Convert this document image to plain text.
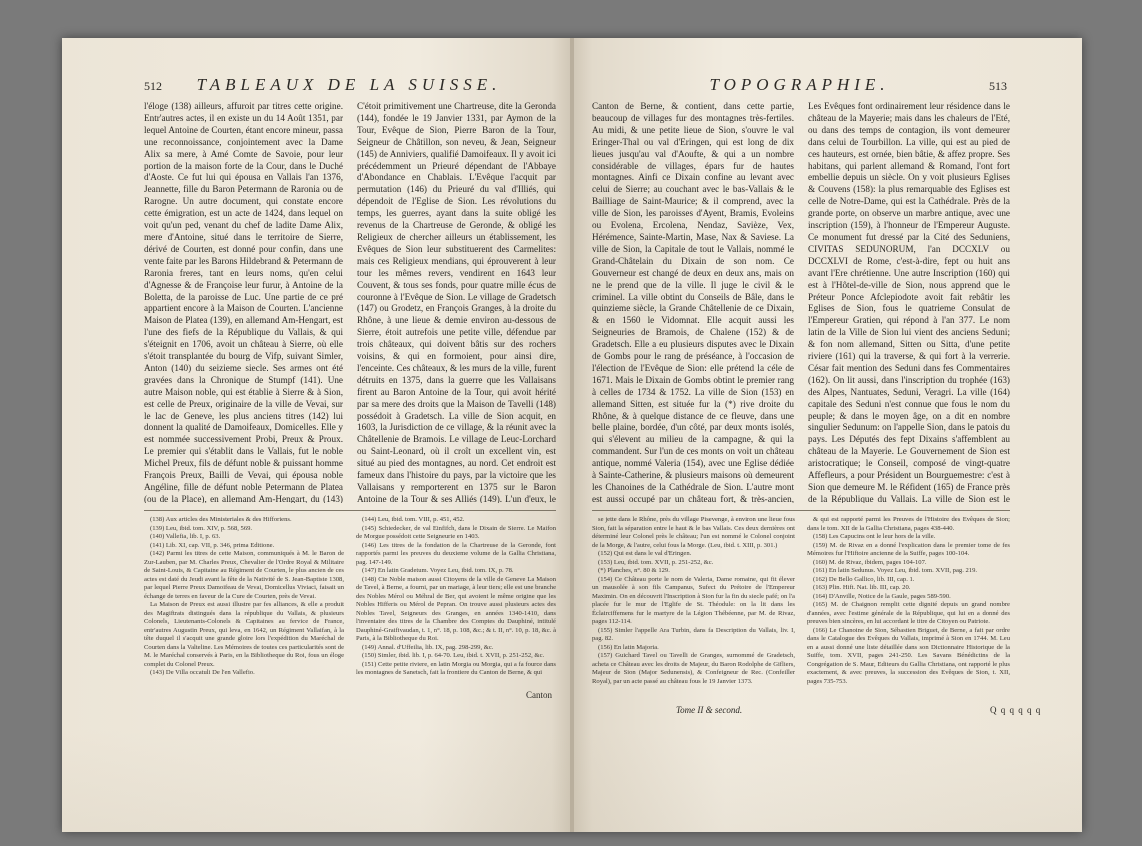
512	TABLEAUX DE LA SUISSE.
l'éloge (138) ailleurs, affuroit par titres cette origine. Entr'autres actes, il en existe un du 14 Août 1351, par lequel Antoine de Courten, étant encore mineur, passa une reconnoissance, conjointement avec la Dame Alix sa mere, à Amé Comte de Savoie, pour leur portion de la maison forte de la Cour, dans le Duché d'Aoste. Ce fut lui qui épousa en Vallais l'an 1376, Jeannette, fille du Baron Petermann de Raronia ou de Rarogne. Un autre document, qui constate encore cette émigration, est un acte de 1424, dans lequel on voit qu'un ped, venant du chef de ladite Dame Alix, mere d'Antoine, situé dans le territoire de Sierre, dérivé de Courten, est donné pour confin, dans une vente faite par les Barons Hildebrand & Petermann de Raronia freres, tant en leurs noms, qu'en celui d'Agnesse & de Françoise leur furur, à Antoine de la Boletta, de la paroisse de Luc. Une partie de ce pré appartient encore à la Maison de Courten. L'ancienne Maison de Platea (139), en allemand Am-Hengart, est l'une des fiefs de la République du Vallais, & qui s'éteignit en 1706, avoit un château à Sierre, où elle s'étoit transplantée du bourg de Vifp, suivant Simler, Anton (140) du seizieme siecle. Ses armes ont été gravées dans la Chronique de Stumpf (141). Une autre Maison noble, qui est établie à Sierre & à Sion, est celle de Preux, originaire de la ville de Vevai, sur le lac de Geneve, les plus anciens titres (142) lui donnent la qualité de Damoifeaux, Domicelles. Elle y est nommée successivement Probi, Preux & Proux. Le premier qui s'établit dans le Vallais, fut le noble Michel Preux, fils de défunt noble & puissant homme François Preux, Bailli de Vevai, qui épousa noble Angéline, fille de défunt noble Petermann de Platea (ou de la Place), en allemand Am-Hengart, du (143)
C'étoit primitivement une Chartreuse, dite la Geronda (144), fondée le 19 Janvier 1331, par Aymon de la Tour, Evêque de Sion, Pierre Baron de la Tour, Seigneur de Châtillon, son neveu, & Jean, Seigneur (145) de Anniviers, qualifié Damoifeaux. Il y avoit ici précédemment un Prieuré dépendant de l'Abbaye d'Abondance en Chablais. L'Evêque l'acquit par permutation (146) du Prieuré du val d'Illiés, qui dépendoit de l'Eglise de Sion. Les révolutions du temps, les guerres, ayant dans la suite obligé les revenus de la Chartreuse de Geronde, & obligé les Religieux de chercher ailleurs un établissement, les Evêques de Sion leur substituerent des Carmelites: mais ces Religieux mendians, qui éprouverent à leur tour les mêmes revers, vendirent en 1643 leur Couvent, & tous ses fonds, pour quatre mille écus de couronne à l'Evêque de Sion. Le village de Gradetsch (147) ou Grodetz, en François Granges, à la droite du Rhône, à une lieue & demie environ au-dessous de Sierre, étoit autrefois une petite ville, défendue par trois châteaux, qui doivent bâtis sur des rochers voisins, & qui en formoient, pour ainsi dire, l'enceinte. Ces châteaux, & les murs de la ville, furent détruits en 1375, dans la guerre que les Vallaisans firent au Baron Antoine de la Tour, qui avoit hérité par sa mere des droits que la Maison de Tavelli (148) possédoit à Gradetsch. La ville de Sion acquit, en 1603, la Jurisdiction de ce village, & la réunit avec la Châtellenie de Bramois. Le village de Leuc-Lorchard ou Saint-Leonard, où il croît un excellent vin, est situé au pied des montagnes, au nord. Cet endroit est fameux dans l'histoire du pays, par la victoire que les Vallaisans y remporterent en 1375 sur le Baron Antoine de la Tour & ses Alliés (149). L'un d'eux, le

(138) Aux articles des Ministeriales & des Hifforiens.

(139) Leu, ibid. tom. XIV, p. 568, 569.

(140) Vallefia, lib. I, p. 63.

(141) Lib. XI, cap. VII, p. 346, prima Editione.

(142) Parmi les titres de cette Maison, communiqués à M. le Baron de Zur-Lauben, par M. Charles Preux, Chevalier de l'Ordre Royal & Militaire de Saint-Louis, & Capitaine au Régiment de Courten, le plus ancien de ces actes est daté du Jeudi avant la fête de la Nativité de S. Jean-Baptiste 1308, par lequel Pierre Preux Damoifeau de Vevai, Domicellus Viviaci, faisait un échange de terres en faveur de la Cure de Courten, près de Vevai.

La Maison de Preux est aussi illustre par fes alliances, & elle a produit des Magiftrats distingués dans la république du Vallais, & plusieurs Colonels, Lieutenants-Colonels & Capitaines au fervice de France, entr'autres Augustin Preux, qui leva, en 1642, un Régiment Vallaifan, à la tête duquel il s'acquit une grande gloire lors l'expédition du Maréchal de Courten dans la Valteline. Les Mémoires de toutes ces particularités sont de M. le Maréchal conservés à Paris, en la Bibliotheque du Roi, fous un éloge complet du Colonel Preux.

(143) De Villa occatuli De l'en Vallefio.

(144) Leu, ibid. tom. VIII, p. 451, 452.

(145) Schiedecker, de val Einfifch, dans le Dixain de Sierre. Le Maifon de Morgue possédoit cette Seigneurie en 1403.

(146) Les titres de la fondation de la Chartreuse de la Geronde, font rapportés parmi les preuves du deuxieme volume de la Gallia Christiana, pag. 147-149.

(147) En latin Gradetum. Voyez Leu, ibid. tom. IX, p. 78.

(148) Cte Noble maison aussi Citoyens de la ville de Geneve La Maison de Tavel, à Berne, a fourni, par un mariage, à leur tiers; elle est une branche des Nobles Mérol ou Méhral de Ber, qui avoient le même origine que les Nobles Hifferis ou Mérol de Pepran. On trouve aussi plusieurs actes des Nobles Tavel, Seigneurs des Granges, en années 1340-1410, dans l'inventaire des titres de la Chambre des Comptes du Dauphiné, intitulé Dauphiné-Graifivaudan, t. 1, n°. 18, p. 108, &c.; & t. II, n°. 10, p. 18, &c. à Paris, à la Bibliotheque du Roi.

(149) Annal. d'Uffeilia, lib. IX, pag. 298-299, &c.

(150) Simler, ibid. lib. I, p. 64-70. Leu, ibid. t. XVII, p. 251-252, &c.

(151) Cette petite riviere, en latin Morgia ou Morgia, qui a fa fource dans les montagnes de Sanetsch, fait la frontiere du Canton de Berne, & qui

Canton
TOPOGRAPHIE.	513
Canton de Berne, & contient, dans cette partie, beaucoup de villages fur des montagnes très-fertiles. Au midi, & une petite lieue de Sion, s'ouvre le val Eringer-Thal ou val d'Eringen, qui est long de dix lieues jusqu'au val d'Aoufte, & qui a un nombre considérable de villages, épars fur de hautes montagnes. Ainfi ce Dixain confine au levant avec celui de Sierre; au couchant avec le bas-Vallais & le Bailliage de Saint-Maurice; & il comprend, avec la ville de Sion, les paroisses d'Ayent, Bramis, Evoleins ou Evolena, Ercolena, Nendaz, Savièze, Vex, Hérémence, Sainte-Martin, Mase, Nax & Saviese. La ville de Sion, la Capitale de tout le Vallais, nommé le Grand-Châtelain du Dixain de son nom. Ce Gouverneur est changé de deux en deux ans, mais on ne le prend que de la ville. Il juge le civil & le criminel. La ville obtint du Conseils de Bâle, dans le quinzieme siècle, la Grande Châtellenie de ce Dixain, & en 1560 le Vidomnat. Elle acquit aussi les Seigneuries de Bramois, de Chalene (152) & de Gradetsch. Elle a eu plusieurs disputes avec le Dixain de Gombs pour le rang de préséance, à l'occasion de l'élection de l'Evêque de Sion: elle prétend la céle de 1671. Mais le Dixain de Gombs obtint le premier rang à celles de 1734 & 1752. La ville de Sion (153) en allemand Sitten, est située fur la (*) rive droite du Rhône, & à quelque distance de ce fleuve, dans une belle plaine, bordée, d'un côté, par deux monts isolés, qui s'élevent au milieu de la campagne, & qui la commandent. Sur l'un de ces monts on voit un château antique, nommé Valeria (154), avec une Eglise dédiée à Sainte-Catherine, & plusieurs maisons où demeurent les Chanoines de la Cathédrale de Sion. L'autre mont est aussi occupé par un château fort, & très-ancien,
Les Evêques font ordinairement leur résidence dans le château de la Mayerie; mais dans les chaleurs de l'Eté, ou dans des temps de contagion, ils vont demeurer dans celui de Tourbillon. La ville, qui est au pied de ces hauteurs, est ornée, bien bâtie, & affez propre. Ses habitans, qui parlent allemand & Romand, l'ont fort embellie depuis un siècle. On y voit plusieurs Eglises & Couvens (158): la plus remarquable des Eglises est celle de Notre-Dame, qui est la Cathédrale. Près de la grande porte, on observe un marbre antique, avec une inscription (159), à l'honneur de l'Empereur Auguste. Ce monument fut dressé par la Cité des Seduniens, CIVITAS SEDUNORUM, l'an DCCXLV ou DCCXLVI de Rome, c'est-à-dire, fept ou huit ans avant l'Ere chrétienne. Une autre Inscription (160) qui est à l'Hôtel-de-ville de Sion, nous apprend que le Préteur Ponce Afclepiodote avoit fait rebâtir les Eglises de Sion, fous le quatrieme Consulat de l'Empereur Gratien, qui répond à l'an 377. Le nom latin de la Ville de Sion lui vient des anciens Seduni; & fon nom allemand, Sitten ou Sitta, d'une petite riviere (161) qui la traverse, & qui fort à la verrerie. César fait mention des Seduni dans fes Commentaires (162). On lit aussi, dans l'inscription du trophée (163) des Alpes, Nantuates, Seduni, Veragri. La ville (164) capitale des Seduni n'est connue que fous le nom du peuple; & dans le moyen âge, on a dit en nombre singulier Sedunum: on l'appelle Sion, dans le patois du pays. Les Députés des fept Dixains s'affemblent au château de la Mayerie. Le Gouvernement de Sion est aristocratique; le Conseil, composé de vingt-quatre Affefleurs, a pour Président un Bourguemestre: c'est à Sion que demeure M. le Réfident (165) de France près de la République du Vallais. La ville de Sion est le

se jette dans le Rhône, près du village Pisevenge, à environ une lieue fous Sion, fait la séparation entre le haut & le bas Vallais. Ces deux dernières ont déterminé leur Colonel près le château; l'un est nommé le Colonel conjoint de la Morge, & l'autre, celui fous la Morge. (Leu, ibid. t. XIII, p. 301.)

(152) Qui est dans le val d'Eringen.

(153) Leu, ibid. tom. XVII, p. 251-252, &c.

(*) Planches, n°. 80 & 129.

(154) Ce Château porte le nom de Valeria, Dame romaine, qui fit élever un mausolée à son fils Campanus, Sufect du Prétoire de l'Empereur Maximin. On en découvrit l'Inscription à Sion fur la fin du siecle pafé; on l'a placée fur le mur de l'Eglife de St. Théodule: on la lit dans les Éclairciffemens fur le martyre de la Légion Thébéenne, par M. de Rivaz, pages 112-114.

(155) Simler l'appelle Ara Turbin, dans fa Description du Vallais, liv. I, pag. 82.

(156) En latin Majoria.

(157) Guichard Tavel ou Tavelli de Granges, surnommé de Gradetsch, acheta ce Château avec les droits de Majeur, du Baron Rodolphe de Gifliers, Majeur de Sion (Major Sedunensis), & Confeigneur de Rec. (Confeiller Royal), par un acte passé au château fous le 19 Janvier 1373.

& qui est rapporté parmi les Preuves de l'Histoire des Evêques de Sion; dans le tom. XII de la Gallia Christiana, pages 438-440.

(158) Les Capucins ont le leur hors de la ville.

(159) M. de Rivaz en a donné l'explication dans le premier tome de fes Mémoires fur l'Hiftoire ancienne de la Suiffe, pages 100-104.

(160) M. de Rivaz, ibidem, pages 104-107.

(161) En latin Sedunus. Voyez Leu, ibid. tom. XVII, pag. 219.

(162) De Bello Gallico, lib. III, cap. 1.

(163) Plin. Hift. Nat. lib. III, cap. 20.

(164) D'Anville, Notice de la Gaule, pages 589-590.

(165) M. de Chaignon remplit cette dignité depuis un grand nombre d'années, avec l'estime générale de la République, qui lui en a donné des preuves bien sincères, en lui accordant le titre de Citoyen ou Patriote.

(166) Le Chanoine de Sion, Sébastien Briguet, de Berne, a fait par ordre dans le Catalogue des Evêques du Vallais, imprimé à Sion en 1744. M. Leu en a aussi donné une liste détaillée dans son Dictionnaire Historique de la Suiffe, tom. XVII, pages 241-250. Les Savans Bénédictins de la Congrégation de S. Maur, Editeurs du Gallia Christiana, ont rapporté le plus exactement, & avec preuves, la succession des Evêques de Sion, t. XII, pages 735-753.

Tome II & second.	Q q q q q q
